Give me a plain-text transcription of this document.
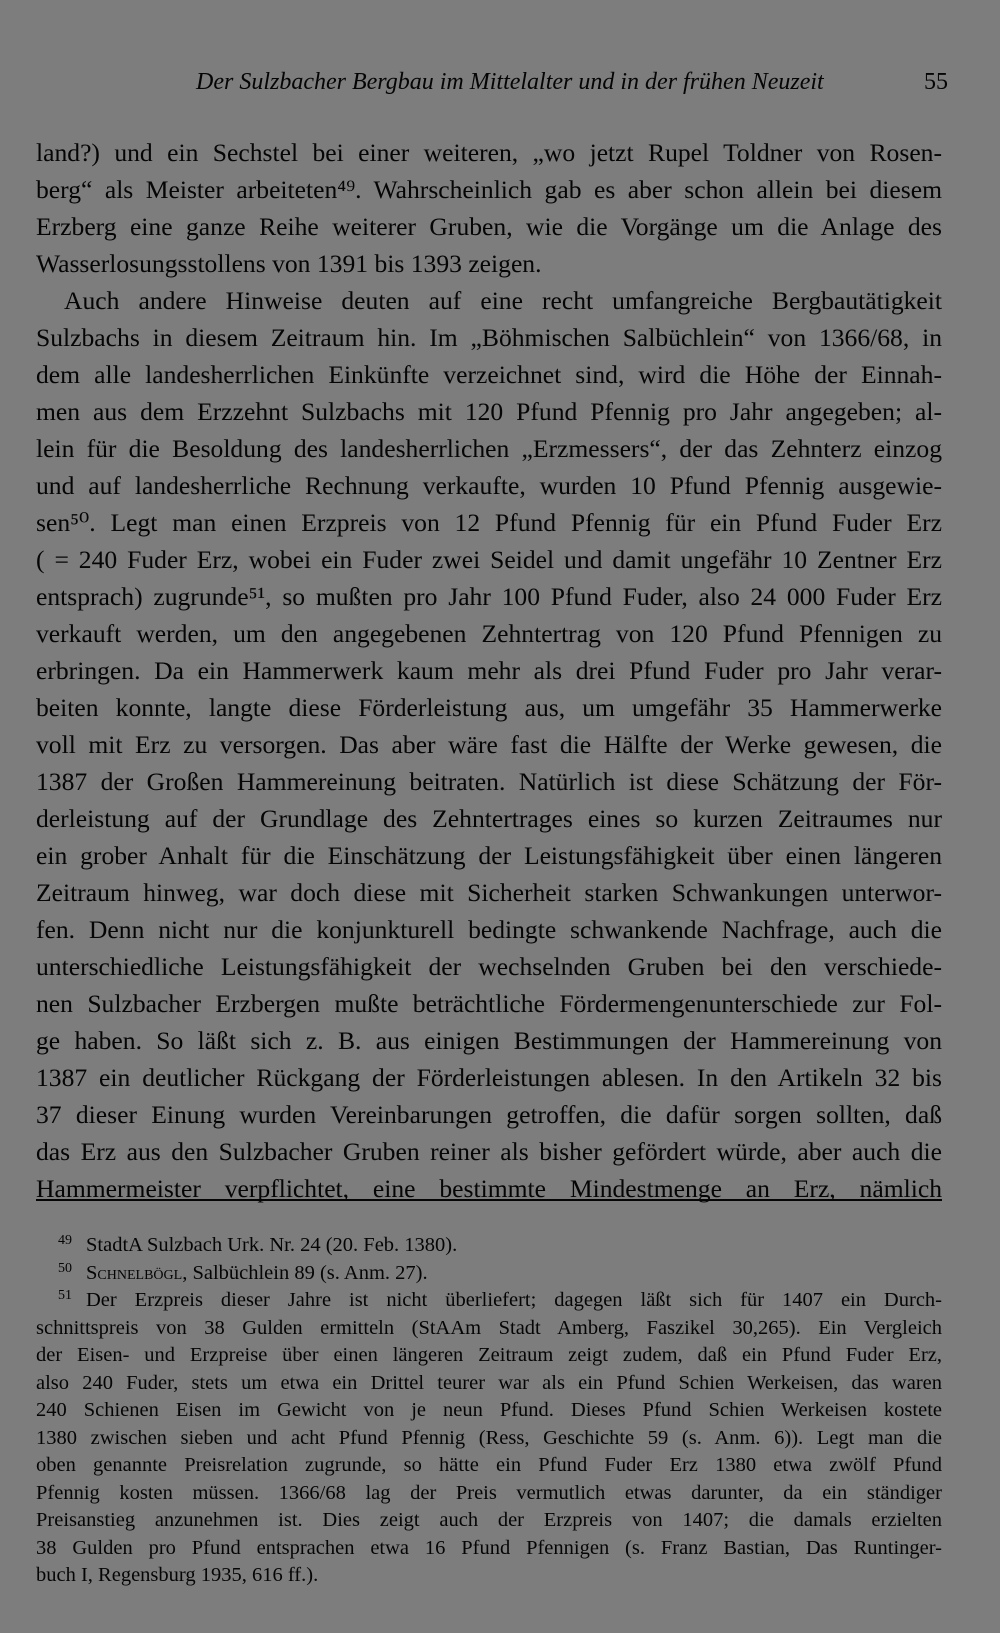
Der Sulzbacher Bergbau im Mittelalter und in der frühen Neuzeit	55
land?) und ein Sechstel bei einer weiteren, „wo jetzt Rupel Toldner von Rosen-
berg“ als Meister arbeiteten⁴⁹. Wahrscheinlich gab es aber schon allein bei diesem
Erzberg eine ganze Reihe weiterer Gruben, wie die Vorgänge um die Anlage des
Wasserlosungsstollens von 1391 bis 1393 zeigen.
Auch andere Hinweise deuten auf eine recht umfangreiche Bergbautätigkeit
Sulzbachs in diesem Zeitraum hin. Im „Böhmischen Salbüchlein“ von 1366/68, in
dem alle landesherrlichen Einkünfte verzeichnet sind, wird die Höhe der Einnah-
men aus dem Erzzehnt Sulzbachs mit 120 Pfund Pfennig pro Jahr angegeben; al-
lein für die Besoldung des landesherrlichen „Erzmessers“, der das Zehnterz einzog
und auf landesherrliche Rechnung verkaufte, wurden 10 Pfund Pfennig ausgewie-
sen⁵⁰. Legt man einen Erzpreis von 12 Pfund Pfennig für ein Pfund Fuder Erz
( = 240 Fuder Erz, wobei ein Fuder zwei Seidel und damit ungefähr 10 Zentner Erz
entsprach) zugrunde⁵¹, so mußten pro Jahr 100 Pfund Fuder, also 24 000 Fuder Erz
verkauft werden, um den angegebenen Zehntertrag von 120 Pfund Pfennigen zu
erbringen. Da ein Hammerwerk kaum mehr als drei Pfund Fuder pro Jahr verar-
beiten konnte, langte diese Förderleistung aus, um umgefähr 35 Hammerwerke
voll mit Erz zu versorgen. Das aber wäre fast die Hälfte der Werke gewesen, die
1387 der Großen Hammereinung beitraten. Natürlich ist diese Schätzung der För-
derleistung auf der Grundlage des Zehntertrages eines so kurzen Zeitraumes nur
ein grober Anhalt für die Einschätzung der Leistungsfähigkeit über einen längeren
Zeitraum hinweg, war doch diese mit Sicherheit starken Schwankungen unterwor-
fen. Denn nicht nur die konjunkturell bedingte schwankende Nachfrage, auch die
unterschiedliche Leistungsfähigkeit der wechselnden Gruben bei den verschiede-
nen Sulzbacher Erzbergen mußte beträchtliche Fördermengenunterschiede zur Fol-
ge haben. So läßt sich z. B. aus einigen Bestimmungen der Hammereinung von
1387 ein deutlicher Rückgang der Förderleistungen ablesen. In den Artikeln 32 bis
37 dieser Einung wurden Vereinbarungen getroffen, die dafür sorgen sollten, daß
das Erz aus den Sulzbacher Gruben reiner als bisher gefördert würde, aber auch die
Hammermeister verpflichtet, eine bestimmte Mindestmenge an Erz, nämlich
49 StadtA Sulzbach Urk. Nr. 24 (20. Feb. 1380).
50 Schnelbögl, Salbüchlein 89 (s. Anm. 27).
51 Der Erzpreis dieser Jahre ist nicht überliefert; dagegen läßt sich für 1407 ein Durch-
schnittspreis von 38 Gulden ermitteln (StAAm Stadt Amberg, Faszikel 30,265). Ein Vergleich
der Eisen- und Erzpreise über einen längeren Zeitraum zeigt zudem, daß ein Pfund Fuder Erz,
also 240 Fuder, stets um etwa ein Drittel teurer war als ein Pfund Schien Werkeisen, das waren
240 Schienen Eisen im Gewicht von je neun Pfund. Dieses Pfund Schien Werkeisen kostete
1380 zwischen sieben und acht Pfund Pfennig (Ress, Geschichte 59 (s. Anm. 6)). Legt man die
oben genannte Preisrelation zugrunde, so hätte ein Pfund Fuder Erz 1380 etwa zwölf Pfund
Pfennig kosten müssen. 1366/68 lag der Preis vermutlich etwas darunter, da ein ständiger
Preisanstieg anzunehmen ist. Dies zeigt auch der Erzpreis von 1407; die damals erzielten
38 Gulden pro Pfund entsprachen etwa 16 Pfund Pfennigen (s. Franz Bastian, Das Runtinger-
buch I, Regensburg 1935, 616 ff.).
